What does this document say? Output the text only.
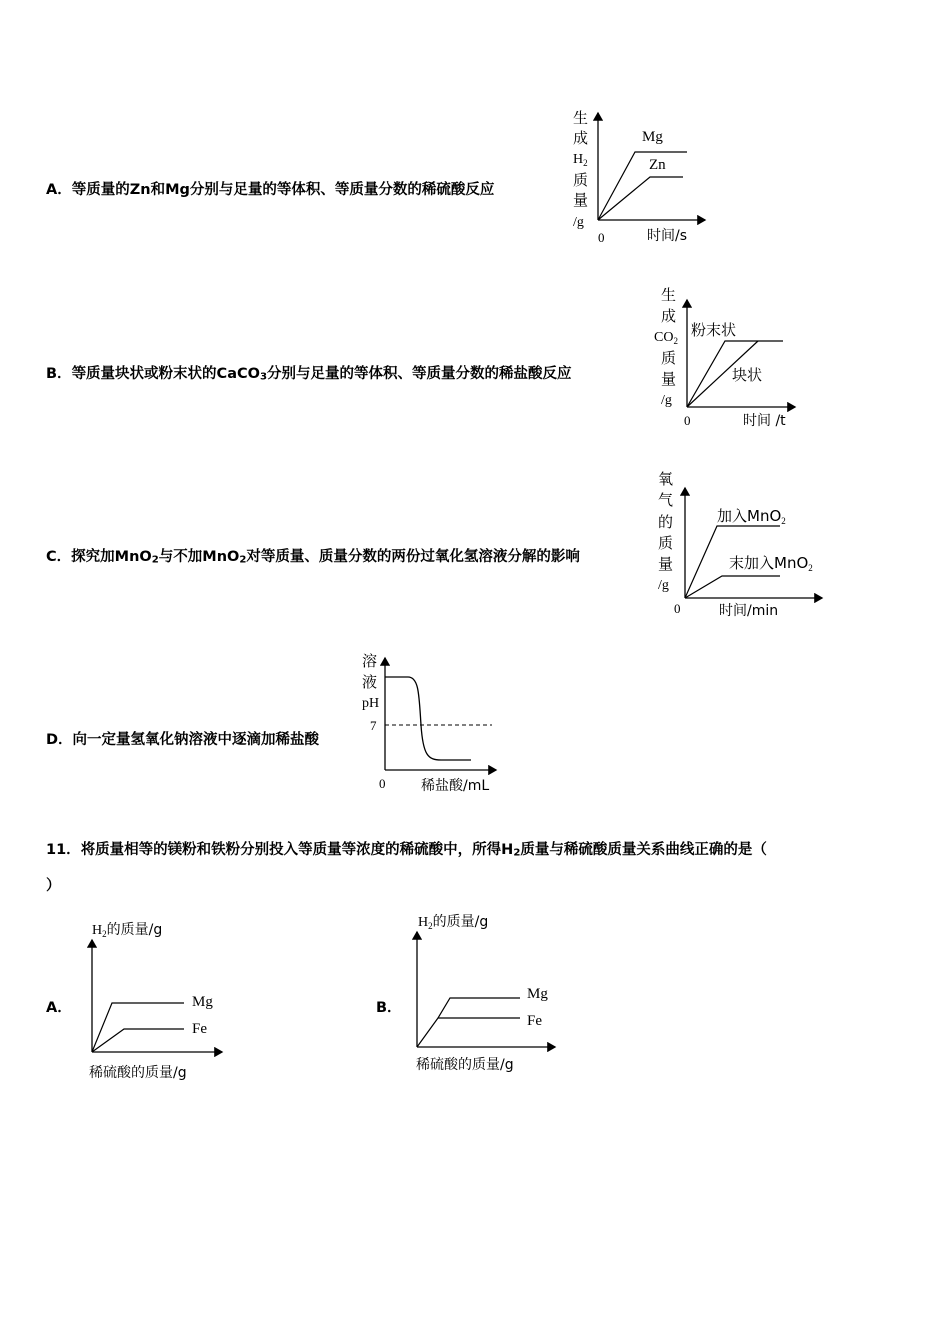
A．等质量的Zn和Mg分别与足量的等体积、等质量分数的稀硫酸反应
生
成
$H_2$
质
量
/g
0	时间/s
Mg
Zn
B．等质量块状或粉末状的CaCO$_3$分别与足量的等体积、等质量分数的稀盐酸反应
生
成
$CO_2$
质
量
/g
0	时间 /t
粉末状
块状
C．探究加MnO$_2$与不加MnO$_2$对等质量、质量分数的两份过氧化氢溶液分解的影响
氧
气
的
质
量
/g
0	时间/min
加入MnO$_2$
末加入MnO$_2$
D．向一定量氢氧化钠溶液中逐滴加稀盐酸
溶
液
pH
7
0	稀盐酸/mL
11．将质量相等的镁粉和铁粉分别投入等质量等浓度的稀硫酸中，所得$H_2$质量与稀硫酸质量关系曲线正确的是（
）
A．
$H_2$的质量/g
稀硫酸的质量/g
Mg
Fe
B．
$H_2$的质量/g
稀硫酸的质量/g
Mg
Fe
